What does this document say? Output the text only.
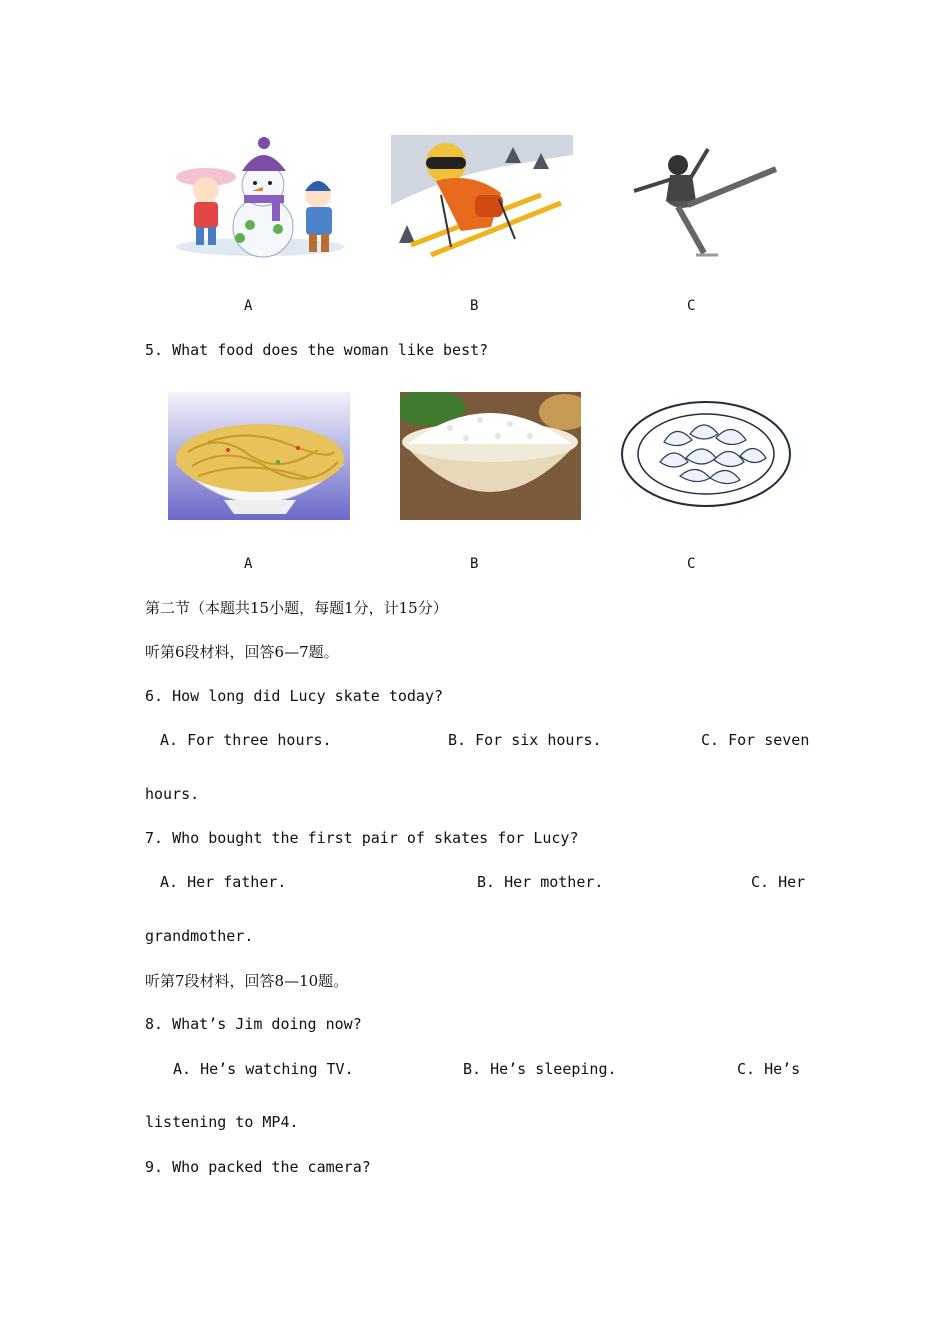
A	B	C
5. What food does the woman like best?
A	B	C
第二节（本题共15小题，每题1分，计15分）
听第6段材料，回答6—7题。
6. How long did Lucy skate today?
A. For three hours.	B. For six hours.	C. For seven
hours.
7. Who bought the first pair of skates for Lucy?
A. Her father.	B. Her mother.	C. Her
grandmother.
听第7段材料，回答8—10题。
8. What’s Jim doing now?
A. He’s watching TV.	B. He’s sleeping.	C. He’s
listening to MP4.
9. Who packed the camera?
